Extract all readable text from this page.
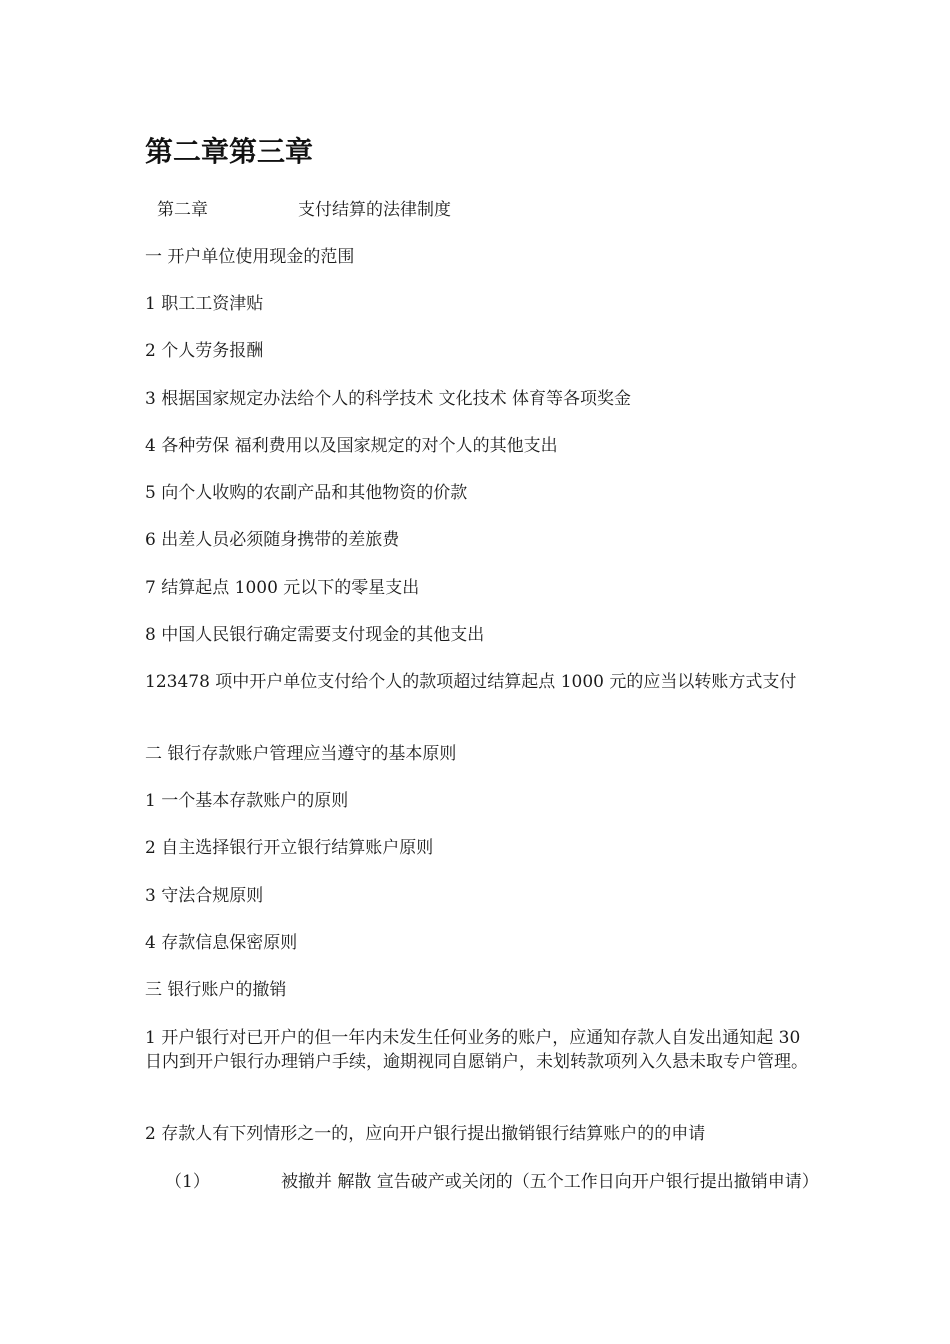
第二章第三章

第二章	支付结算的法律制度

一 开户单位使用现金的范围

1 职工工资津贴

2 个人劳务报酬

3 根据国家规定办法给个人的科学技术 文化技术 体育等各项奖金

4 各种劳保 福利费用以及国家规定的对个人的其他支出

5 向个人收购的农副产品和其他物资的价款

6 出差人员必须随身携带的差旅费

7 结算起点 1000 元以下的零星支出

8 中国人民银行确定需要支付现金的其他支出

123478 项中开户单位支付给个人的款项超过结算起点 1000 元的应当以转账方式支付

二 银行存款账户管理应当遵守的基本原则

1 一个基本存款账户的原则

2 自主选择银行开立银行结算账户原则

3 守法合规原则

4 存款信息保密原则

三 银行账户的撤销

1 开户银行对已开户的但一年内未发生任何业务的账户，应通知存款人自发出通知起 30 日内到开户银行办理销户手续，逾期视同自愿销户，未划转款项列入久悬未取专户管理。

2 存款人有下列情形之一的，应向开户银行提出撤销银行结算账户的的申请

（1）	被撤并 解散 宣告破产或关闭的（五个工作日向开户银行提出撤销申请）
